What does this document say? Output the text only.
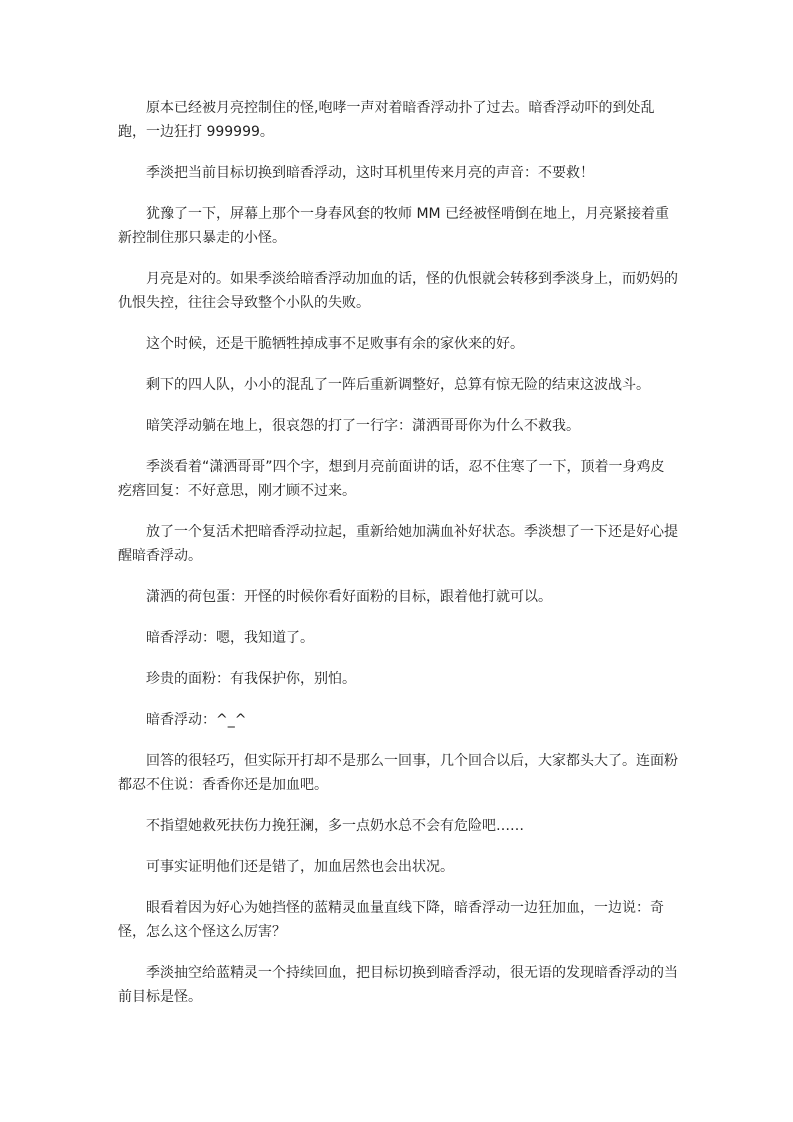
原本已经被月亮控制住的怪,咆哮一声对着暗香浮动扑了过去。暗香浮动吓的到处乱跑，一边狂打 999999。

季淡把当前目标切换到暗香浮动，这时耳机里传来月亮的声音：不要救！

犹豫了一下，屏幕上那个一身春风套的牧师 MM 已经被怪啃倒在地上，月亮紧接着重新控制住那只暴走的小怪。

月亮是对的。如果季淡给暗香浮动加血的话，怪的仇恨就会转移到季淡身上，而奶妈的仇恨失控，往往会导致整个小队的失败。

这个时候，还是干脆牺牲掉成事不足败事有余的家伙来的好。

剩下的四人队，小小的混乱了一阵后重新调整好，总算有惊无险的结束这波战斗。

暗笑浮动躺在地上，很哀怨的打了一行字：潇洒哥哥你为什么不救我。

季淡看着“潇洒哥哥”四个字，想到月亮前面讲的话，忍不住寒了一下，顶着一身鸡皮疙瘩回复：不好意思，刚才顾不过来。

放了一个复活术把暗香浮动拉起，重新给她加满血补好状态。季淡想了一下还是好心提醒暗香浮动。

潇洒的荷包蛋：开怪的时候你看好面粉的目标，跟着他打就可以。

暗香浮动：嗯，我知道了。

珍贵的面粉：有我保护你，别怕。

暗香浮动：^_^

回答的很轻巧，但实际开打却不是那么一回事，几个回合以后，大家都头大了。连面粉都忍不住说：香香你还是加血吧。

不指望她救死扶伤力挽狂澜，多一点奶水总不会有危险吧……

可事实证明他们还是错了，加血居然也会出状况。

眼看着因为好心为她挡怪的蓝精灵血量直线下降，暗香浮动一边狂加血，一边说：奇怪，怎么这个怪这么厉害？

季淡抽空给蓝精灵一个持续回血，把目标切换到暗香浮动，很无语的发现暗香浮动的当前目标是怪。
